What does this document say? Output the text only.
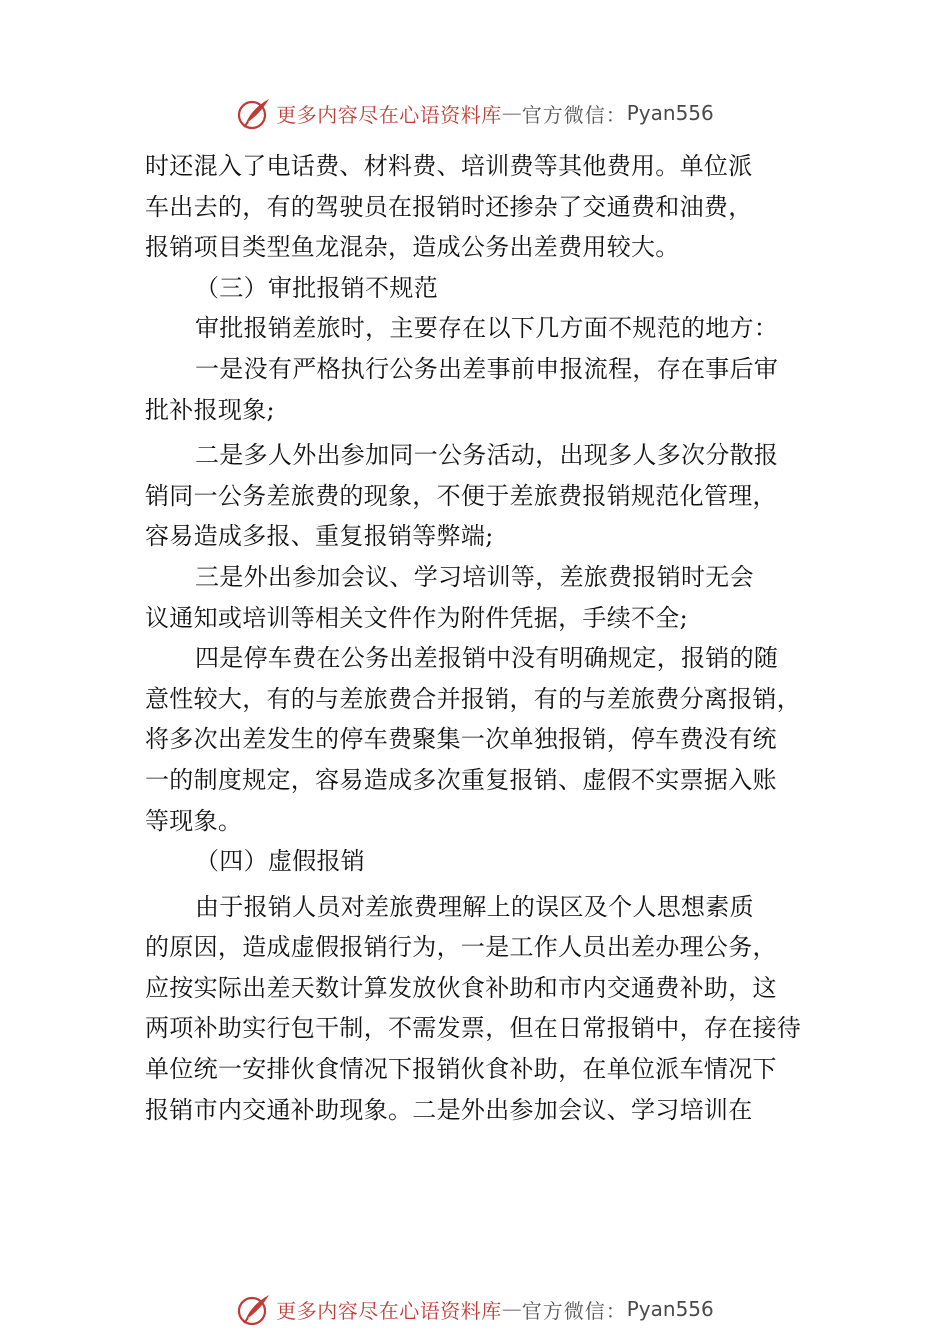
更多内容尽在心语资料库 — 官方微信： Pyan556
时还混入了电话费、材料费、培训费等其他费用。单位派
车出去的，有的驾驶员在报销时还掺杂了交通费和油费，
报销项目类型鱼龙混杂，造成公务出差费用较大。
（三）审批报销不规范
审批报销差旅时，主要存在以下几方面不规范的地方：
一是没有严格执行公务出差事前申报流程，存在事后审
批补报现象;
二是多人外出参加同一公务活动，出现多人多次分散报
销同一公务差旅费的现象，不便于差旅费报销规范化管理，
容易造成多报、重复报销等弊端;
三是外出参加会议、学习培训等，差旅费报销时无会
议通知或培训等相关文件作为附件凭据，手续不全;
四是停车费在公务出差报销中没有明确规定，报销的随
意性较大，有的与差旅费合并报销，有的与差旅费分离报销，
将多次出差发生的停车费聚集一次单独报销，停车费没有统
一的制度规定，容易造成多次重复报销、虚假不实票据入账
等现象。
（四）虚假报销
由于报销人员对差旅费理解上的误区及个人思想素质
的原因，造成虚假报销行为，一是工作人员出差办理公务，
应按实际出差天数计算发放伙食补助和市内交通费补助，这
两项补助实行包干制，不需发票，但在日常报销中，存在接待
单位统一安排伙食情况下报销伙食补助，在单位派车情况下
报销市内交通补助现象。二是外出参加会议、学习培训在
更多内容尽在心语资料库 — 官方微信： Pyan556
